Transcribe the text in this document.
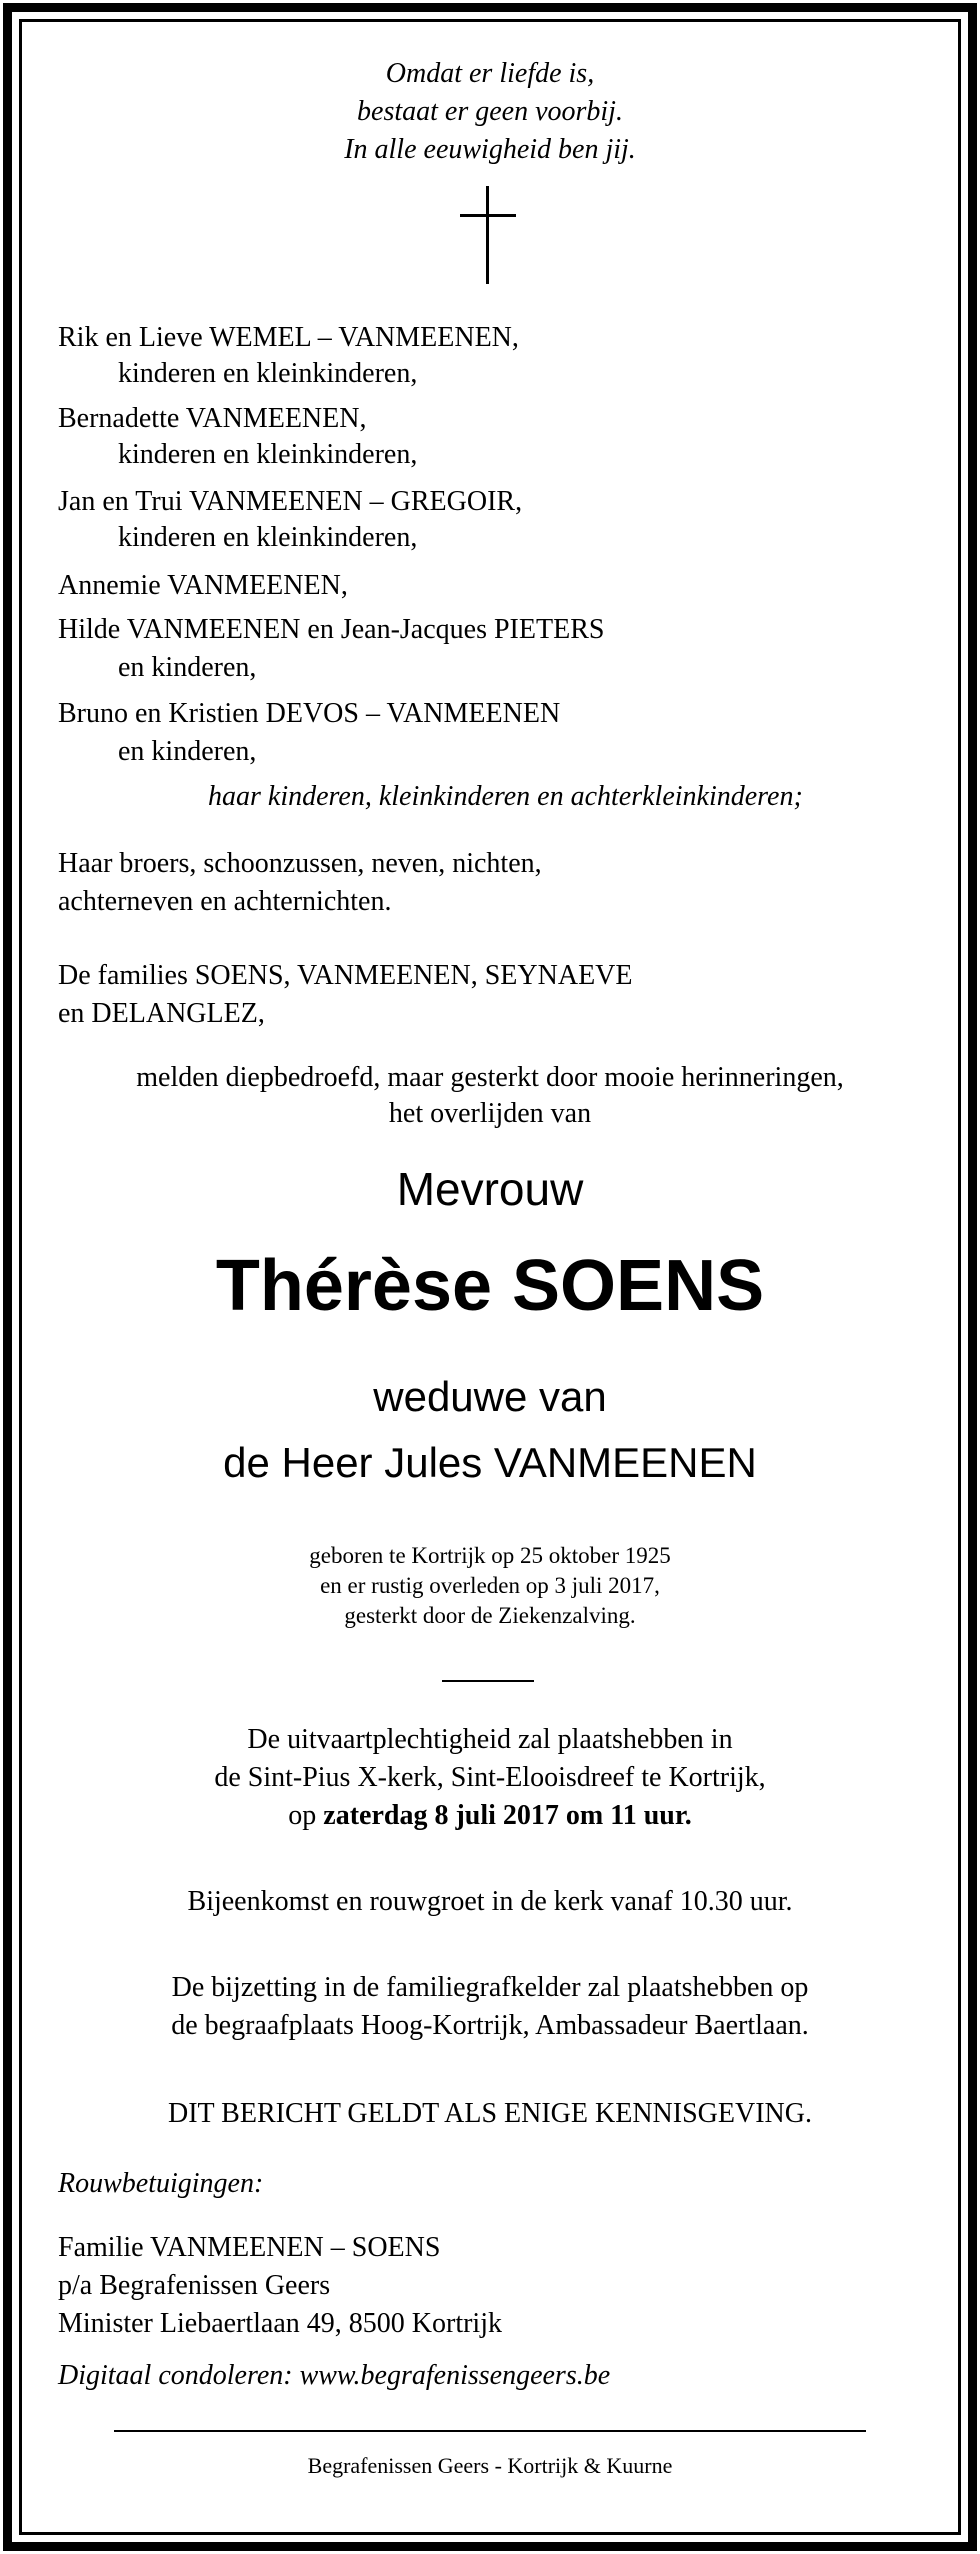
Omdat er liefde is,

bestaat er geen voorbij.

In alle eeuwigheid ben jij.

Rik en Lieve WEMEL – VANMEENEN,

kinderen en kleinkinderen,

Bernadette VANMEENEN,

kinderen en kleinkinderen,

Jan en Trui VANMEENEN – GREGOIR,

kinderen en kleinkinderen,

Annemie VANMEENEN,

Hilde VANMEENEN en Jean-Jacques PIETERS

en kinderen,

Bruno en Kristien DEVOS – VANMEENEN

en kinderen,

haar kinderen, kleinkinderen en achterkleinkinderen;

Haar broers, schoonzussen, neven, nichten,

achterneven en achternichten.

De families SOENS, VANMEENEN, SEYNAEVE

en DELANGLEZ,

melden diepbedroefd, maar gesterkt door mooie herinneringen,

het overlijden van

Mevrouw

Thérèse SOENS

weduwe van

de Heer Jules VANMEENEN

geboren te Kortrijk op 25 oktober 1925

en er rustig overleden op 3 juli 2017,

gesterkt door de Ziekenzalving.

De uitvaartplechtigheid zal plaatshebben in

de Sint-Pius X-kerk, Sint-Elooisdreef te Kortrijk,

op zaterdag 8 juli 2017 om 11 uur.

Bijeenkomst en rouwgroet in de kerk vanaf 10.30 uur.

De bijzetting in de familiegrafkelder zal plaatshebben op

de begraafplaats Hoog-Kortrijk, Ambassadeur Baertlaan.

DIT BERICHT GELDT ALS ENIGE KENNISGEVING.

Rouwbetuigingen:

Familie VANMEENEN – SOENS

p/a Begrafenissen Geers

Minister Liebaertlaan 49, 8500 Kortrijk

Digitaal condoleren: www.begrafenissengeers.be

Begrafenissen Geers - Kortrijk & Kuurne
